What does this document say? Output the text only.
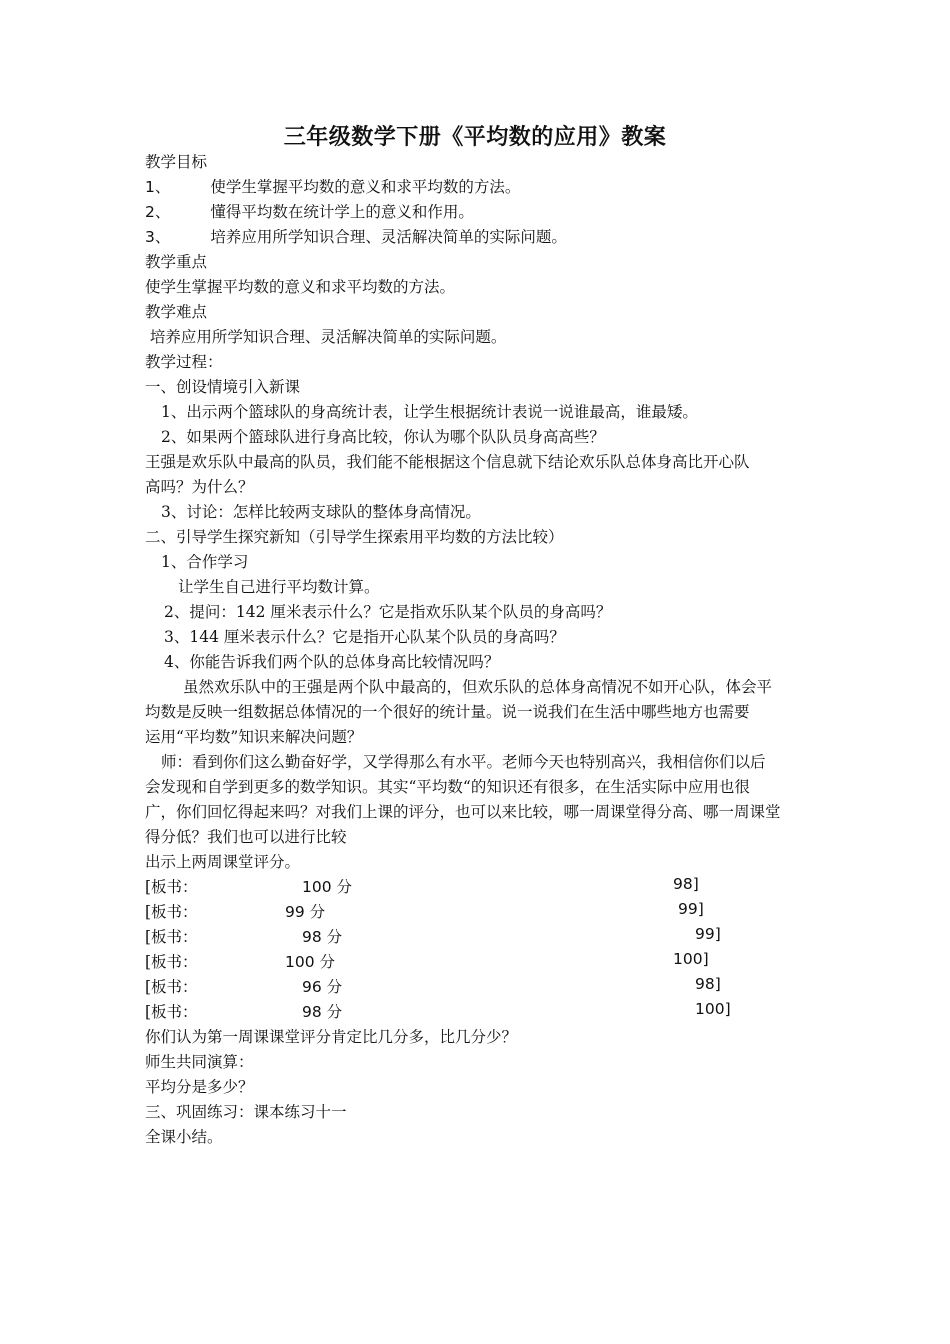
三年级数学下册《平均数的应用》教案
教学目标
1、	使学生掌握平均数的意义和求平均数的方法。
2、	懂得平均数在统计学上的意义和作用。
3、	培养应用所学知识合理、灵活解决简单的实际问题。
教学重点
使学生掌握平均数的意义和求平均数的方法。
教学难点
培养应用所学知识合理、灵活解决简单的实际问题。
教学过程：
一、创设情境引入新课
1、出示两个篮球队的身高统计表，让学生根据统计表说一说谁最高，谁最矮。
2、如果两个篮球队进行身高比较，你认为哪个队队员身高高些？
王强是欢乐队中最高的队员，我们能不能根据这个信息就下结论欢乐队总体身高比开心队
高吗？为什么？
3、讨论：怎样比较两支球队的整体身高情况。
二、引导学生探究新知（引导学生探索用平均数的方法比较）
1、合作学习
让学生自己进行平均数计算。
2、提问：142 厘米表示什么？它是指欢乐队某个队员的身高吗？
3、144 厘米表示什么？它是指开心队某个队员的身高吗？
4、你能告诉我们两个队的总体身高比较情况吗？
虽然欢乐队中的王强是两个队中最高的，但欢乐队的总体身高情况不如开心队，体会平
均数是反映一组数据总体情况的一个很好的统计量。说一说我们在生活中哪些地方也需要
运用“平均数”知识来解决问题？
师：看到你们这么勤奋好学，又学得那么有水平。老师今天也特别高兴，我相信你们以后
会发现和自学到更多的数学知识。其实“平均数“的知识还有很多，在生活实际中应用也很
广，你们回忆得起来吗？对我们上课的评分，也可以来比较，哪一周课堂得分高、哪一周课堂
得分低？我们也可以进行比较
出示上两周课堂评分。
[板书：	100 分	98]
[板书：	99 分	99]
[板书：	98 分	99]
[板书：	100 分	100]
[板书：	96 分	98]
[板书：	98 分	100]
你们认为第一周课课堂评分肯定比几分多，比几分少？
师生共同演算：
平均分是多少？
三、巩固练习：课本练习十一
全课小结。
